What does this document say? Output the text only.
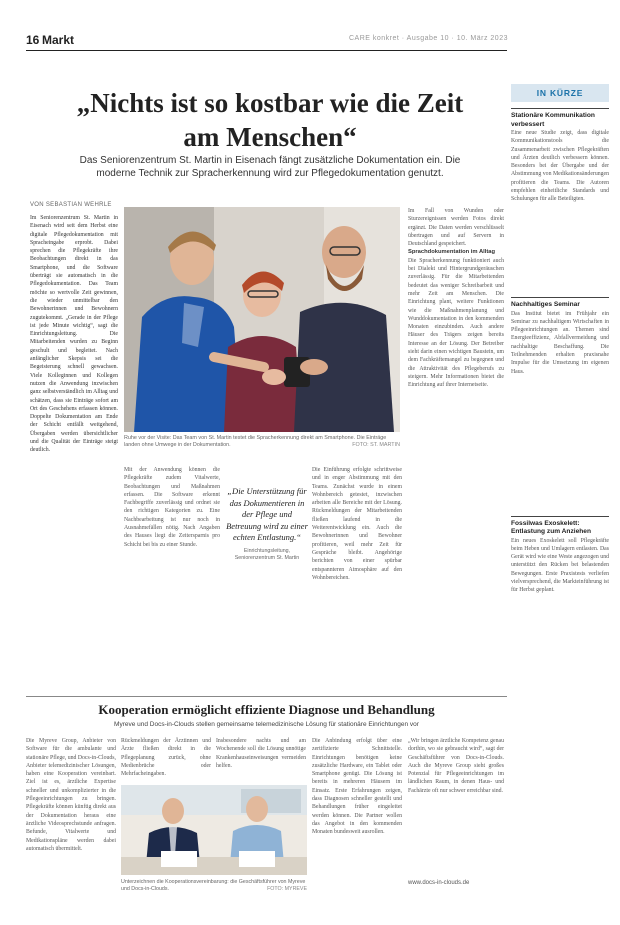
16 Markt	CARE konkret · Ausgabe 10 · 10. März 2023
„Nichts ist so kostbar wie die Zeit am Menschen“
Das Seniorenzentrum St. Martin in Eisenach fängt zusätzliche Dokumentation ein. Die moderne Technik zur Spracherkennung wird zur Pflegedokumentation genutzt.
VON SEBASTIAN WEHRLE
Im Seniorenzentrum St. Martin in Eisenach wird seit dem Herbst eine digitale Pflegedokumentation mit Spracheingabe erprobt. Dabei sprechen die Pflegekräfte ihre Beobachtungen direkt in das Smartphone, und die Software überträgt sie automatisch in die Pflegedokumentation. Das Team möchte so wertvolle Zeit gewinnen, die wieder unmittelbar den Bewohnerinnen und Bewohnern zugutekommt. „Gerade in der Pflege ist jede Minute wichtig“, sagt die Einrichtungsleitung. Die Mitarbeitenden wurden zu Beginn geschult und begleitet. Nach anfänglicher Skepsis sei die Begeisterung schnell gewachsen. Viele Kolleginnen und Kollegen nutzen die Anwendung inzwischen ganz selbstverständlich im Alltag und schätzen, dass sie Einträge sofort am Ort des Geschehens erfassen können. Doppelte Dokumentation am Ende der Schicht entfällt weitgehend, Übergaben werden übersichtlicher und die Qualität der Einträge steigt deutlich.
Ruhe vor der Visite: Das Team von St. Martin testet die Spracherkennung direkt am Smartphone. Die Einträge landen ohne Umwege in der Dokumentation.	FOTO: ST. MARTIN
Mit der Anwendung können die Pflegekräfte zudem Vitalwerte, Beobachtungen und Maßnahmen erfassen. Die Software erkennt Fachbegriffe zuverlässig und ordnet sie den richtigen Kategorien zu. Eine Nachbearbeitung ist nur noch in Ausnahmefällen nötig. Nach Angaben des Hauses liegt die Zeitersparnis pro Schicht bei bis zu einer Stunde.
„Die Unterstützung für das Dokumentieren in der Pflege und Betreuung wird zu einer echten Entlastung.“
Einrichtungsleitung, Seniorenzentrum St. Martin
Die Einführung erfolgte schrittweise und in enger Abstimmung mit den Teams. Zunächst wurde in einem Wohnbereich getestet, inzwischen arbeiten alle Bereiche mit der Lösung. Rückmeldungen der Mitarbeitenden fließen laufend in die Weiterentwicklung ein. Auch die Bewohnerinnen und Bewohner profitieren, weil mehr Zeit für Gespräche bleibt. Angehörige berichten von einer spürbar entspannteren Atmosphäre auf den Wohnbereichen.
Im Fall von Wunden oder Sturzereignissen werden Fotos direkt ergänzt. Die Daten werden verschlüsselt übertragen und auf Servern in Deutschland gespeichert.
Sprachdokumentation im Alltag
Die Spracherkennung funktioniert auch bei Dialekt und Hintergrundgeräuschen zuverlässig. Für die Mitarbeitenden bedeutet das weniger Schreibarbeit und mehr Zeit am Menschen. Die Einrichtung plant, weitere Funktionen wie die Maßnahmenplanung und Wunddokumentation in den kommenden Monaten einzubinden. Auch andere Häuser des Trägers zeigen bereits Interesse an der Lösung. Der Betreiber sieht darin einen wichtigen Baustein, um dem Fachkräftemangel zu begegnen und die Attraktivität des Pflegeberufs zu steigern. Mehr Informationen bietet die Einrichtung auf ihrer Internetseite.
Kooperation ermöglicht effiziente Diagnose und Behandlung
Myreve und Docs-in-Clouds stellen gemeinsame telemedizinische Lösung für stationäre Einrichtungen vor
Die Myreve Group, Anbieter von Software für die ambulante und stationäre Pflege, und Docs-in-Clouds, Anbieter telemedizinischer Lösungen, haben eine Kooperation vereinbart. Ziel ist es, ärztliche Expertise schneller und unkomplizierter in die Pflegeeinrichtungen zu bringen. Pflegekräfte können künftig direkt aus der Dokumentation heraus eine ärztliche Videosprechstunde anfragen. Befunde, Vitalwerte und Medikationspläne werden dabei automatisch übermittelt.
Rückmeldungen der Ärztinnen und Ärzte fließen direkt in die Pflegeplanung zurück, ohne Medienbrüche oder Mehrfacheingaben.
Insbesondere nachts und am Wochenende soll die Lösung unnötige Krankenhauseinweisungen vermeiden helfen.
Unterzeichnen die Kooperationsvereinbarung: die Geschäftsführer von Myreve und Docs-in-Clouds.	FOTO: MYREVE
Die Anbindung erfolgt über eine zertifizierte Schnittstelle. Einrichtungen benötigen keine zusätzliche Hardware, ein Tablet oder Smartphone genügt. Die Lösung ist bereits in mehreren Häusern im Einsatz. Erste Erfahrungen zeigen, dass Diagnosen schneller gestellt und Behandlungen früher eingeleitet werden können. Die Partner wollen das Angebot in den kommenden Monaten bundesweit ausrollen.
„Wir bringen ärztliche Kompetenz genau dorthin, wo sie gebraucht wird“, sagt der Geschäftsführer von Docs-in-Clouds. Auch die Myreve Group sieht großes Potenzial für Pflegeeinrichtungen im ländlichen Raum, in denen Haus- und Fachärzte oft nur schwer erreichbar sind.
www.docs-in-clouds.de
IN KÜRZE
Stationäre Kommunikation verbessert
Eine neue Studie zeigt, dass digitale Kommunikationstools die Zusammenarbeit zwischen Pflegekräften und Ärzten deutlich verbessern können. Besonders bei der Übergabe und der Abstimmung von Medikationsänderungen profitieren die Teams. Die Autoren empfehlen einheitliche Standards und Schulungen für alle Beteiligten.
Nachhaltiges Seminar
Das Institut bietet im Frühjahr ein Seminar zu nachhaltigem Wirtschaften in Pflegeeinrichtungen an. Themen sind Energieeffizienz, Abfallvermeidung und nachhaltige Beschaffung. Die Teilnehmenden erhalten praxisnahe Impulse für die Umsetzung im eigenen Haus.
Fossilwas Exoskelett: Entlastung zum Anziehen
Ein neues Exoskelett soll Pflegekräfte beim Heben und Umlagern entlasten. Das Gerät wird wie eine Weste angezogen und unterstützt den Rücken bei belastenden Bewegungen. Erste Praxistests verliefen vielversprechend, die Markteinführung ist für Herbst geplant.
